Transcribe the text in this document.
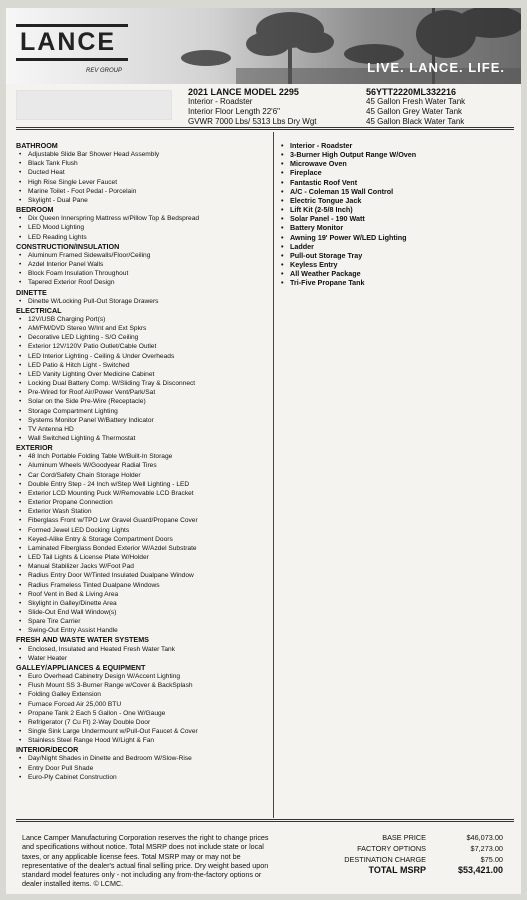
LANCE
REV GROUP	LIVE. LANCE. LIFE.
2021 LANCE MODEL 2295
Interior - Roadster
Interior Floor Length 22'6"
GVWR 7000 Lbs/ 5313 Lbs Dry Wgt
56YTT2220ML332216
45 Gallon Fresh Water Tank
45 Gallon Grey Water Tank
45 Gallon Black Water Tank
BATHROOM
• Adjustable Slide Bar Shower Head Assembly
• Black Tank Flush
• Ducted Heat
• High Rise Single Lever Faucet
• Marine Toilet - Foot Pedal - Porcelain
• Skylight - Dual Pane
BEDROOM
• Dix Queen Innerspring Mattress w/Pillow Top & Bedspread
• LED Mood Lighting
• LED Reading Lights
CONSTRUCTION/INSULATION
• Aluminum Framed Sidewalls/Floor/Ceiling
• Azdel Interior Panel Walls
• Block Foam Insulation Throughout
• Tapered Exterior Roof Design
DINETTE
• Dinette W/Locking Pull-Out Storage Drawers
ELECTRICAL
• 12V/USB Charging Port(s)
• AM/FM/DVD Stereo W/Int and Ext Spkrs
• Decorative LED Lighting - S/O Ceiling
• Exterior 12V/120V Patio Outlet/Cable Outlet
• LED Interior Lighting - Ceiling & Under Overheads
• LED Patio & Hitch Light - Switched
• LED Vanity Lighting Over Medicine Cabinet
• Locking Dual Battery Comp. W/Sliding Tray & Disconnect
• Pre-Wired for Roof Air/Power Vent/Park/Sat
• Solar on the Side Pre-Wire (Receptacle)
• Storage Compartment Lighting
• Systems Monitor Panel W/Battery Indicator
• TV Antenna HD
• Wall Switched Lighting & Thermostat
EXTERIOR
• 48 Inch Portable Folding Table W/Built-In Storage
• Aluminum Wheels W/Goodyear Radial Tires
• Car Cord/Safety Chain Storage Holder
• Double Entry Step - 24 Inch w/Step Well Lighting - LED
• Exterior LCD Mounting Puck W/Removable LCD Bracket
• Exterior Propane Connection
• Exterior Wash Station
• Fiberglass Front w/TPO Lwr Gravel Guard/Propane Cover
• Formed Jewel LED Docking Lights
• Keyed-Alike Entry & Storage Compartment Doors
• Laminated Fiberglass Bonded Exterior W/Azdel Substrate
• LED Tail Lights & License Plate W/Holder
• Manual Stabilizer Jacks W/Foot Pad
• Radius Entry Door W/Tinted Insulated Dualpane Window
• Radius Frameless Tinted Dualpane Windows
• Roof Vent in Bed & Living Area
• Skylight in Galley/Dinette Area
• Slide-Out End Wall Window(s)
• Spare Tire Carrier
• Swing-Out Entry Assist Handle
FRESH AND WASTE WATER SYSTEMS
• Enclosed, Insulated and Heated Fresh Water Tank
• Water Heater
GALLEY/APPLIANCES & EQUIPMENT
• Euro Overhead Cabinetry Design W/Accent Lighting
• Flush Mount SS 3-Burner Range w/Cover & BackSplash
• Folding Galley Extension
• Furnace Forced Air 25,000 BTU
• Propane Tank 2 Each 5 Gallon - One W/Gauge
• Refrigerator (7 Cu Ft) 2-Way Double Door
• Single Sink Large Undermount w/Pull-Out Faucet & Cover
• Stainless Steel Range Hood W/Light & Fan
INTERIOR/DECOR
• Day/Night Shades in Dinette and Bedroom W/Slow-Rise
• Entry Door Pull Shade
• Euro-Ply Cabinet Construction
• Interior - Roadster
• 3-Burner High Output Range W/Oven
• Microwave Oven
• Fireplace
• Fantastic Roof Vent
• A/C - Coleman 15 Wall Control
• Electric Tongue Jack
• Lift Kit (2-5/8 Inch)
• Solar Panel - 190 Watt
• Battery Monitor
• Awning 19' Power W/LED Lighting
• Ladder
• Pull-out Storage Tray
• Keyless Entry
• All Weather Package
• Tri-Five Propane Tank
Lance Camper Manufacturing Corporation reserves the right to change prices and specifications without notice. Total MSRP does not include state or local taxes, or any applicable license fees. Total MSRP may or may not be representative of the dealer's actual final selling price. Dry weight based upon standard model features only - not including any from-the-factory options or dealer installed items. © LCMC.
BASE PRICE	$46,073.00
FACTORY OPTIONS	$7,273.00
DESTINATION CHARGE	$75.00
TOTAL MSRP	$53,421.00
